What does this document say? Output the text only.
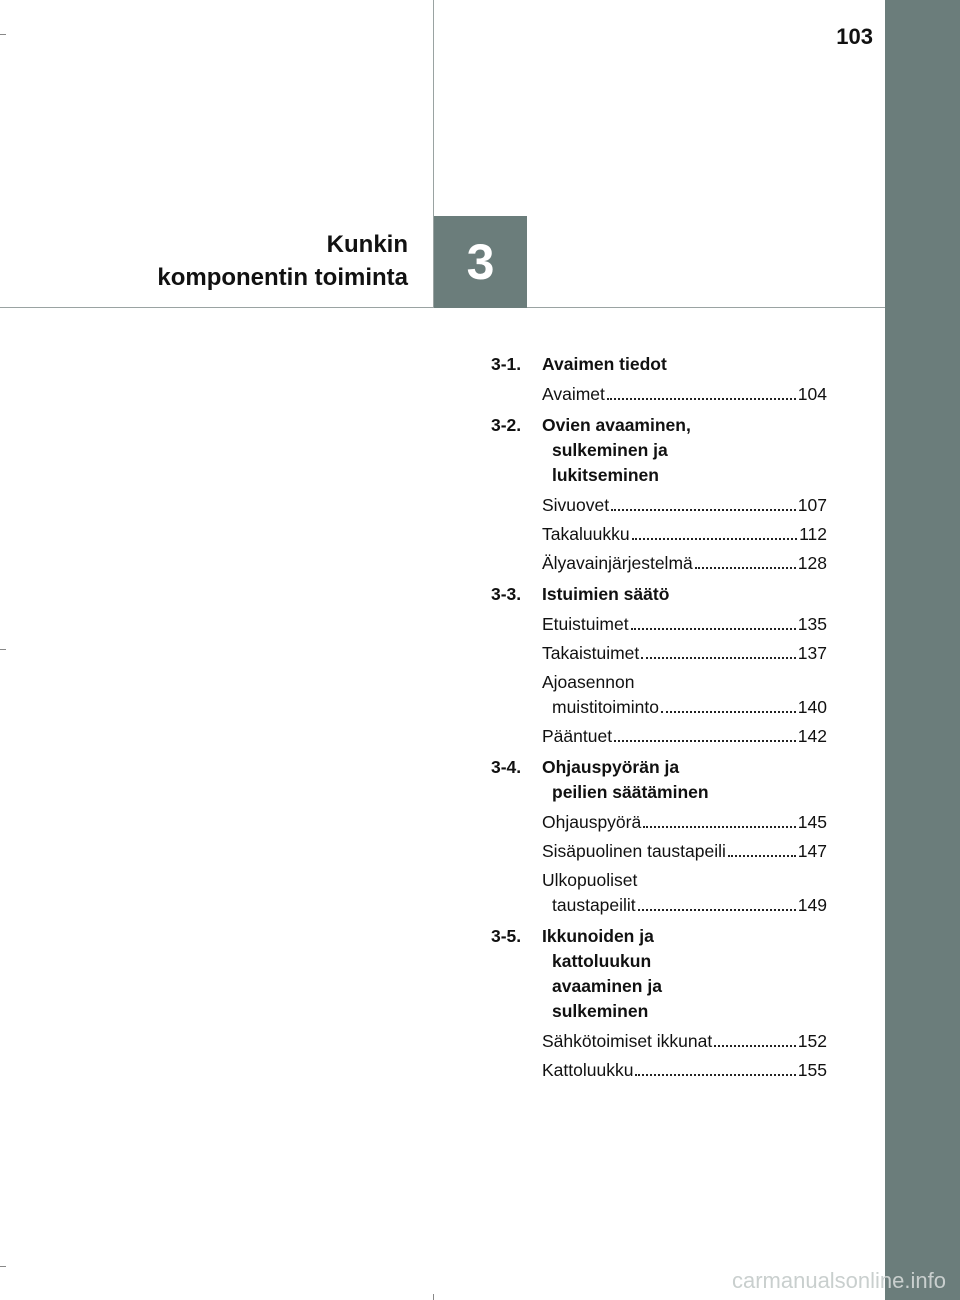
103
3
Kunkin
komponentin toiminta
3-1.	Avaimen tiedot
Avaimet	104
3-2.	Ovien avaaminen,
sulkeminen ja
lukitseminen
Sivuovet	107
Takaluukku	112
Älyavainjärjestelmä	128
3-3.	Istuimien säätö
Etuistuimet	135
Takaistuimet	137
Ajoasennon
muistitoiminto	140
Pääntuet	142
3-4.	Ohjauspyörän ja
peilien säätäminen
Ohjauspyörä	145
Sisäpuolinen taustapeili	147
Ulkopuoliset
taustapeilit	149
3-5.	Ikkunoiden ja
kattoluukun
avaaminen ja
sulkeminen
Sähkötoimiset ikkunat	152
Kattoluukku	155
carmanualsonline.info
